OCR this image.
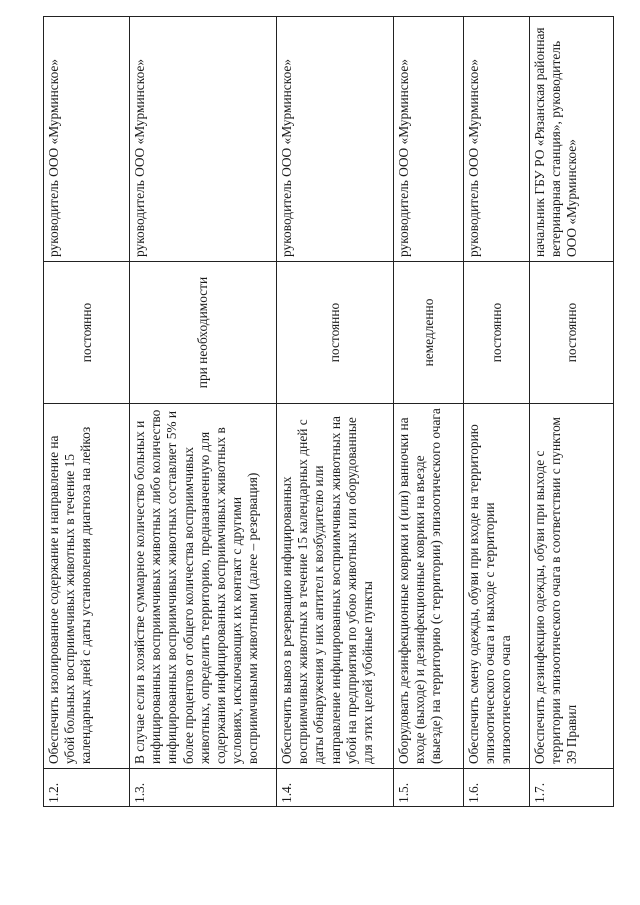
1.2.	Обеспечить изолированное содержание и направление на убой больных восприимчивых животных в течение 15 календарных дней с даты установления диагноза на лейкоз	постоянно	руководитель ООО «Мурминское»
1.3.	В случае если в хозяйстве суммарное количество больных и инфицированных восприимчивых животных либо количество инфицированных восприимчивых животных составляет 5% и более процентов от общего количества восприимчивых животных, определить территорию, предназначенную для содержания инфицированных восприимчивых животных в условиях, исключающих их контакт с другими восприимчивыми животными (далее – резервация)	при необходимости	руководитель ООО «Мурминское»
1.4.	Обеспечить вывоз в резервацию инфицированных восприимчивых животных в течение 15 календарных дней с даты обнаружения у них антител к возбудителю или направление инфицированных восприимчивых животных на убой на предприятия по убою животных или оборудованные для этих целей убойные пункты	постоянно	руководитель ООО «Мурминское»
1.5.	Оборудовать дезинфекционные коврики и (или) ванночки на входе (выходе) и дезинфекционные коврики на въезде (выезде) на территорию (с территории) эпизоотического очага	немедленно	руководитель ООО «Мурминское»
1.6.	Обеспечить смену одежды, обуви при входе на территорию эпизоотического очага и выходе с территории эпизоотического очага	постоянно	руководитель ООО «Мурминское»
1.7.	Обеспечить дезинфекцию одежды, обуви при выходе с территории эпизоотического очага в соответствии с пунктом 39 Правил	постоянно	начальник ГБУ РО «Рязанская районная ветеринарная станция», руководитель ООО «Мурминское»
